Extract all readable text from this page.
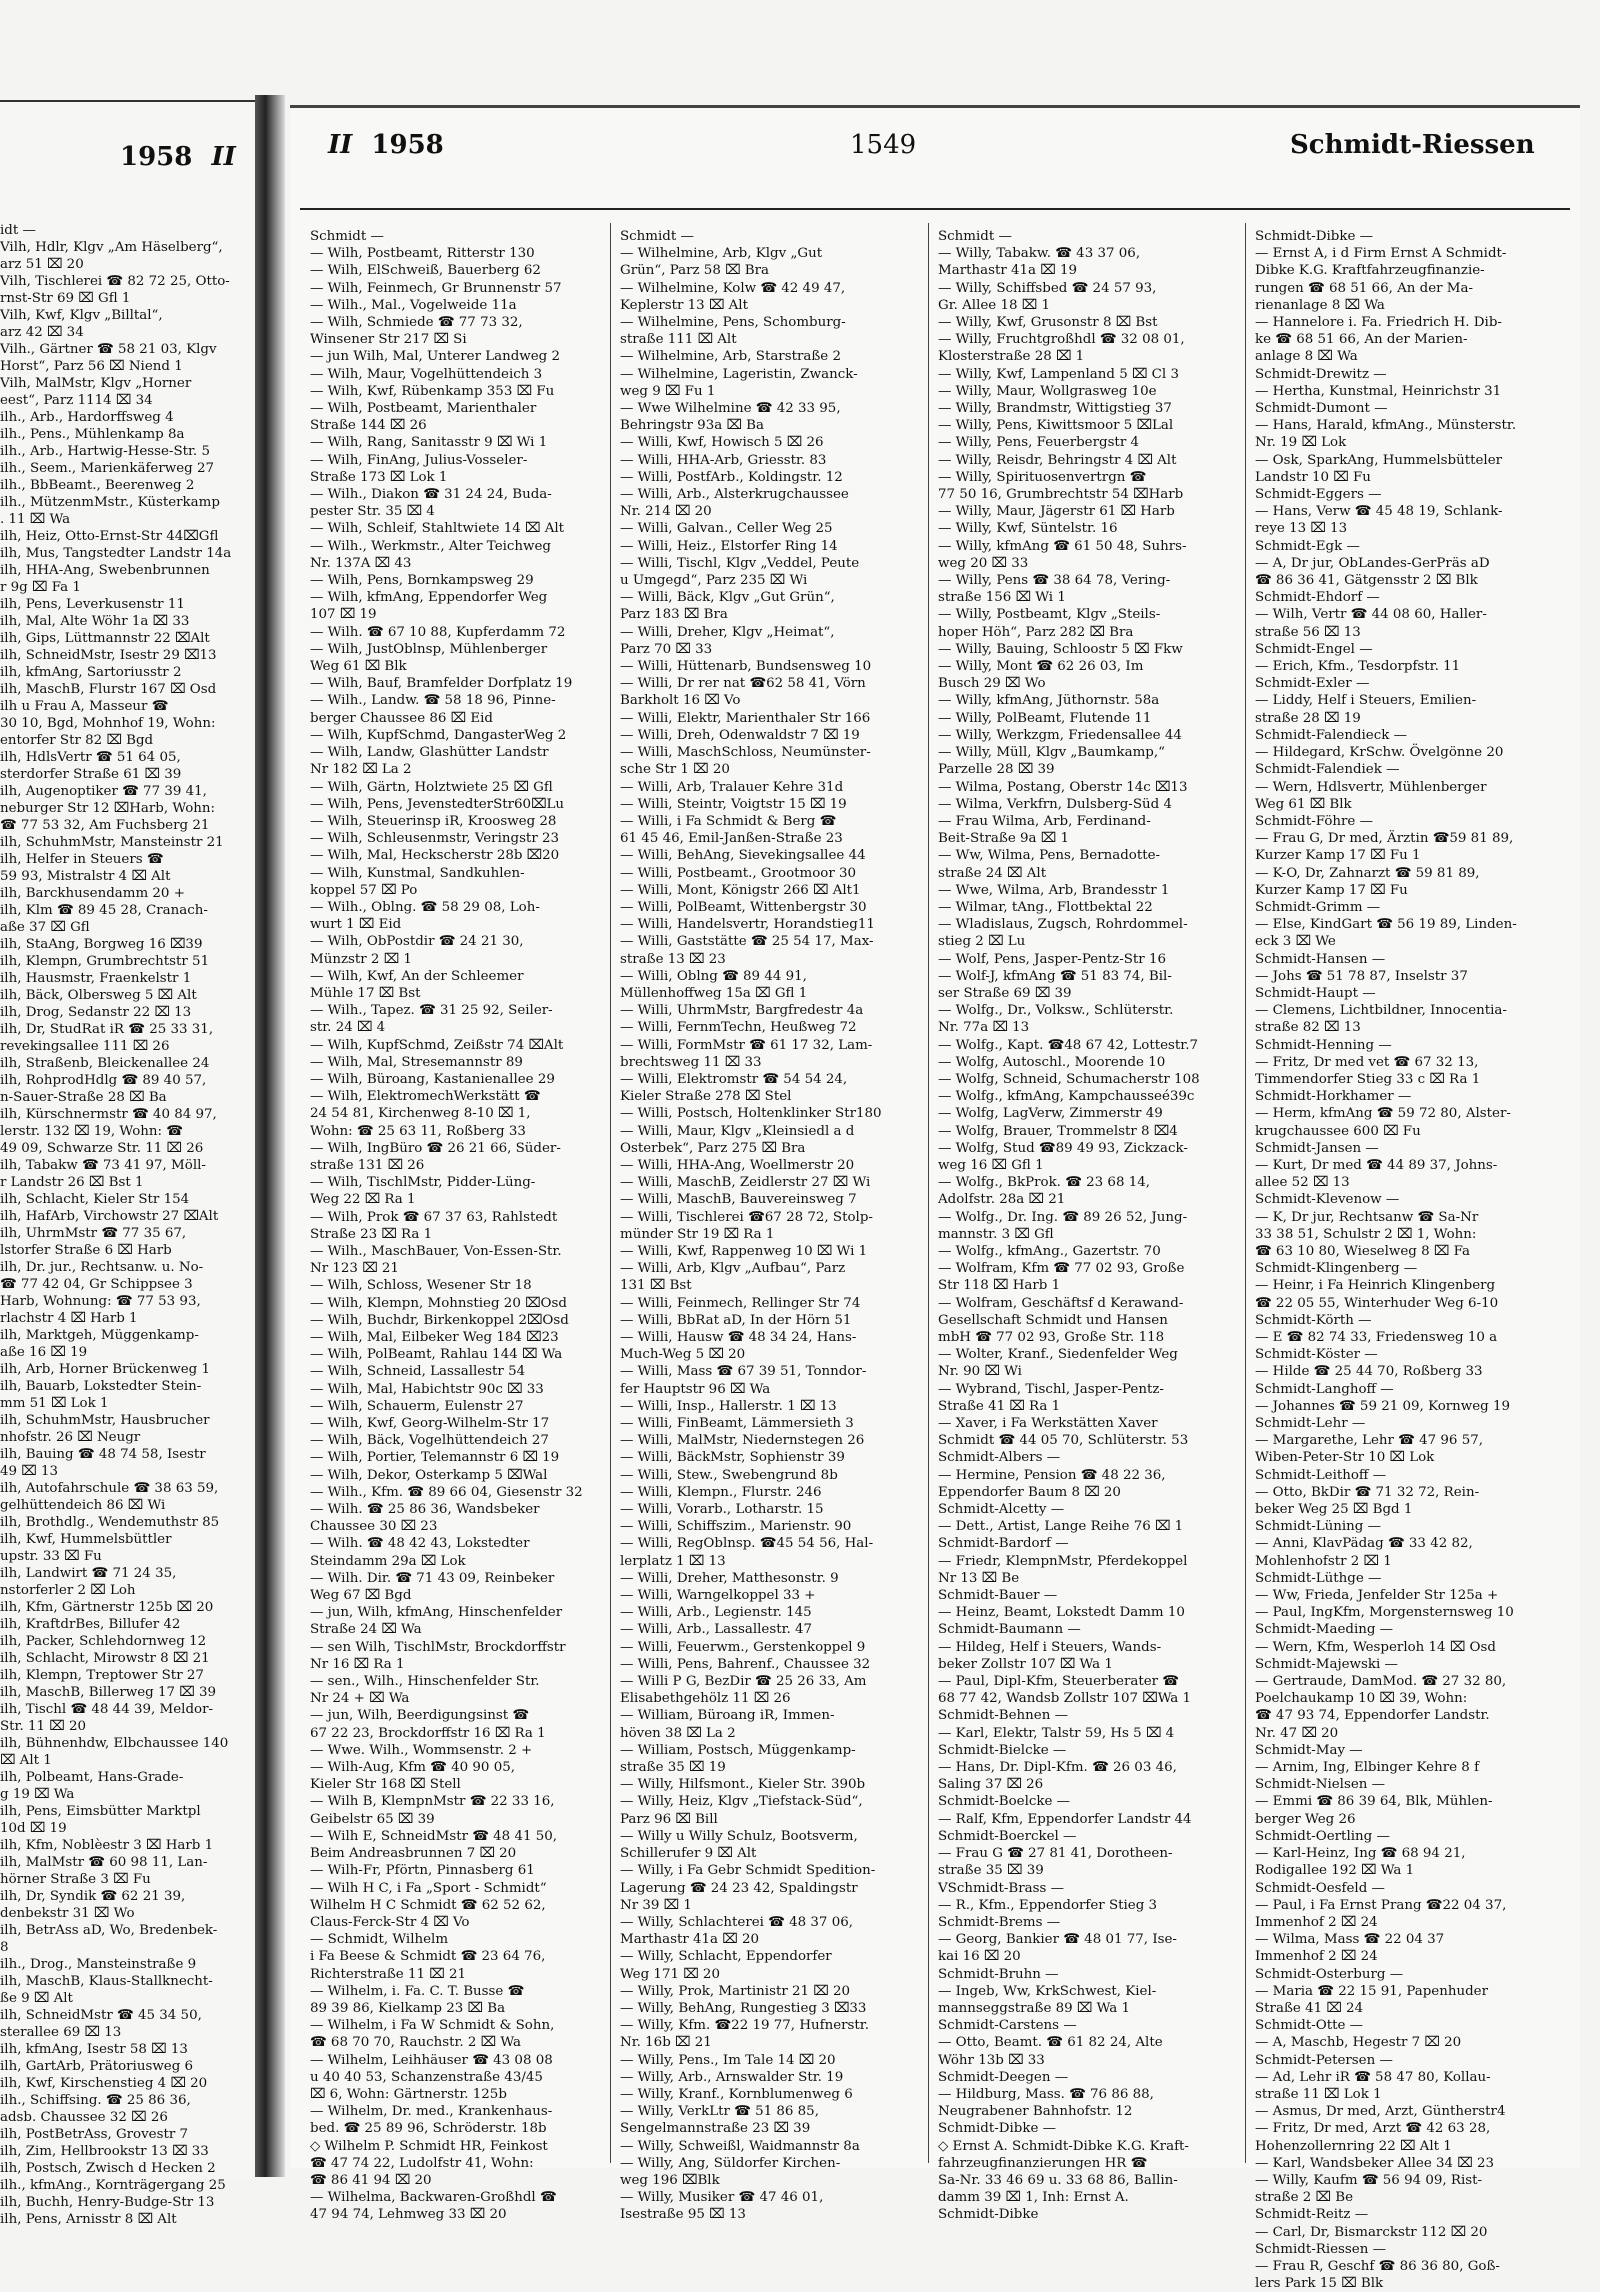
1958 II
idt —
Vilh, Hdlr, Klgv „Am Häselberg“,
arz 51 ⌧ 20
Vilh, Tischlerei ☎ 82 72 25, Otto-
rnst-Str 69 ⌧ Gfl 1
Vilh, Kwf, Klgv „Billtal“,
arz 42 ⌧ 34
Vilh., Gärtner ☎ 58 21 03, Klgv
Horst“, Parz 56 ⌧ Niend 1
Vilh, MalMstr, Klgv „Horner
eest“, Parz 1114 ⌧ 34
ilh., Arb., Hardorffsweg 4
ilh., Pens., Mühlenkamp 8a
ilh., Arb., Hartwig-Hesse-Str. 5
ilh., Seem., Marienkäferweg 27
ilh., BbBeamt., Beerenweg 2
ilh., MützenmMstr., Küsterkamp
. 11 ⌧ Wa
ilh, Heiz, Otto-Ernst-Str 44⌧Gfl
ilh, Mus, Tangstedter Landstr 14a
ilh, HHA-Ang, Swebenbrunnen
r 9g ⌧ Fa 1
ilh, Pens, Leverkusenstr 11
ilh, Mal, Alte Wöhr 1a ⌧ 33
ilh, Gips, Lüttmannstr 22 ⌧Alt
ilh, SchneidMstr, Isestr 29 ⌧13
ilh, kfmAng, Sartoriusstr 2
ilh, MaschB, Flurstr 167 ⌧ Osd
ilh u Frau A, Masseur ☎
30 10, Bgd, Mohnhof 19, Wohn:
entorfer Str 82 ⌧ Bgd
ilh, HdlsVertr ☎ 51 64 05,
sterdorfer Straße 61 ⌧ 39
ilh, Augenoptiker ☎ 77 39 41,
neburger Str 12 ⌧Harb, Wohn:
☎ 77 53 32, Am Fuchsberg 21
ilh, SchuhmMstr, Mansteinstr 21
ilh, Helfer in Steuers ☎
59 93, Mistralstr 4 ⌧ Alt
ilh, Barckhusendamm 20 +
ilh, Klm ☎ 89 45 28, Cranach-
aße 37 ⌧ Gfl
ilh, StaAng, Borgweg 16 ⌧39
ilh, Klempn, Grumbrechtstr 51
ilh, Hausmstr, Fraenkelstr 1
ilh, Bäck, Olbersweg 5 ⌧ Alt
ilh, Drog, Sedanstr 22 ⌧ 13
ilh, Dr, StudRat iR ☎ 25 33 31,
revekingsallee 111 ⌧ 26
ilh, Straßenb, Bleickenallee 24
ilh, RohprodHdlg ☎ 89 40 57,
n-Sauer-Straße 28 ⌧ Ba
ilh, Kürschnermstr ☎ 40 84 97,
lerstr. 132 ⌧ 19, Wohn: ☎
49 09, Schwarze Str. 11 ⌧ 26
ilh, Tabakw ☎ 73 41 97, Möll-
r Landstr 26 ⌧ Bst 1
ilh, Schlacht, Kieler Str 154
ilh, HafArb, Virchowstr 27 ⌧Alt
ilh, UhrmMstr ☎ 77 35 67,
lstorfer Straße 6 ⌧ Harb
ilh, Dr. jur., Rechtsanw. u. No-
☎ 77 42 04, Gr Schippsee 3
Harb, Wohnung: ☎ 77 53 93,
rlachstr 4 ⌧ Harb 1
ilh, Marktgeh, Müggenkamp-
aße 16 ⌧ 19
ilh, Arb, Horner Brückenweg 1
ilh, Bauarb, Lokstedter Stein-
mm 51 ⌧ Lok 1
ilh, SchuhmMstr, Hausbrucher
nhofstr. 26 ⌧ Neugr
ilh, Bauing ☎ 48 74 58, Isestr
49 ⌧ 13
ilh, Autofahrschule ☎ 38 63 59,
gelhüttendeich 86 ⌧ Wi
ilh, Brothdlg., Wendemuthstr 85
ilh, Kwf, Hummelsbüttler
upstr. 33 ⌧ Fu
ilh, Landwirt ☎ 71 24 35,
nstorferler 2 ⌧ Loh
ilh, Kfm, Gärtnerstr 125b ⌧ 20
ilh, KraftdrBes, Billufer 42
ilh, Packer, Schlehdornweg 12
ilh, Schlacht, Mirowstr 8 ⌧ 21
ilh, Klempn, Treptower Str 27
ilh, MaschB, Billerweg 17 ⌧ 39
ilh, Tischl ☎ 48 44 39, Meldor-
Str. 11 ⌧ 20
ilh, Bühnenhdw, Elbchaussee 140
⌧ Alt 1
ilh, Polbeamt, Hans-Grade-
g 19 ⌧ Wa
ilh, Pens, Eimsbütter Marktpl
10d ⌧ 19
ilh, Kfm, Noblèestr 3 ⌧ Harb 1
ilh, MalMstr ☎ 60 98 11, Lan-
hörner Straße 3 ⌧ Fu
ilh, Dr, Syndik ☎ 62 21 39,
denbekstr 31 ⌧ Wo
ilh, BetrAss aD, Wo, Bredenbek-
8
ilh., Drog., Mansteinstraße 9
ilh, MaschB, Klaus-Stallknecht-
ße 9 ⌧ Alt
ilh, SchneidMstr ☎ 45 34 50,
sterallee 69 ⌧ 13
ilh, kfmAng, Isestr 58 ⌧ 13
ilh, GartArb, Prätoriusweg 6
ilh, Kwf, Kirschenstieg 4 ⌧ 20
ilh., Schiffsing. ☎ 25 86 36,
adsb. Chaussee 32 ⌧ 26
ilh, PostBetrAss, Grovestr 7
ilh, Zim, Hellbrookstr 13 ⌧ 33
ilh, Postsch, Zwisch d Hecken 2
ilh., kfmAng., Kornträgergang 25
ilh, Buchh, Henry-Budge-Str 13
ilh, Pens, Arnisstr 8 ⌧ Alt
II 1958	1549	Schmidt-Riessen
Schmidt —
— Wilh, Postbeamt, Ritterstr 130
— Wilh, ElSchweiß, Bauerberg 62
— Wilh, Feinmech, Gr Brunnenstr 57
— Wilh., Mal., Vogelweide 11a
— Wilh, Schmiede ☎ 77 73 32,
Winsener Str 217 ⌧ Si
— jun Wilh, Mal, Unterer Landweg 2
— Wilh, Maur, Vogelhüttendeich 3
— Wilh, Kwf, Rübenkamp 353 ⌧ Fu
— Wilh, Postbeamt, Marienthaler
Straße 144 ⌧ 26
— Wilh, Rang, Sanitasstr 9 ⌧ Wi 1
— Wilh, FinAng, Julius-Vosseler-
Straße 173 ⌧ Lok 1
— Wilh., Diakon ☎ 31 24 24, Buda-
pester Str. 35 ⌧ 4
— Wilh, Schleif, Stahltwiete 14 ⌧ Alt
— Wilh., Werkmstr., Alter Teichweg
Nr. 137A ⌧ 43
— Wilh, Pens, Bornkampsweg 29
— Wilh, kfmAng, Eppendorfer Weg
107 ⌧ 19
— Wilh. ☎ 67 10 88, Kupferdamm 72
— Wilh, JustOblnsp, Mühlenberger
Weg 61 ⌧ Blk
— Wilh, Bauf, Bramfelder Dorfplatz 19
— Wilh., Landw. ☎ 58 18 96, Pinne-
berger Chaussee 86 ⌧ Eid
— Wilh, KupfSchmd, DangasterWeg 2
— Wilh, Landw, Glashütter Landstr
Nr 182 ⌧ La 2
— Wilh, Gärtn, Holztwiete 25 ⌧ Gfl
— Wilh, Pens, JevenstedterStr60⌧Lu
— Wilh, Steuerinsp iR, Kroosweg 28
— Wilh, Schleusenmstr, Veringstr 23
— Wilh, Mal, Heckscherstr 28b ⌧20
— Wilh, Kunstmal, Sandkuhlen-
koppel 57 ⌧ Po
— Wilh., Oblng. ☎ 58 29 08, Loh-
wurt 1 ⌧ Eid
— Wilh, ObPostdir ☎ 24 21 30,
Münzstr 2 ⌧ 1
— Wilh, Kwf, An der Schleemer
Mühle 17 ⌧ Bst
— Wilh., Tapez. ☎ 31 25 92, Seiler-
str. 24 ⌧ 4
— Wilh, KupfSchmd, Zeißstr 74 ⌧Alt
— Wilh, Mal, Stresemannstr 89
— Wilh, Büroang, Kastanienallee 29
— Wilh, ElektromechWerkstätt ☎
24 54 81, Kirchenweg 8-10 ⌧ 1,
Wohn: ☎ 25 63 11, Roßberg 33
— Wilh, IngBüro ☎ 26 21 66, Süder-
straße 131 ⌧ 26
— Wilh, TischlMstr, Pidder-Lüng-
Weg 22 ⌧ Ra 1
— Wilh, Prok ☎ 67 37 63, Rahlstedt
Straße 23 ⌧ Ra 1
— Wilh., MaschBauer, Von-Essen-Str.
Nr 123 ⌧ 21
— Wilh, Schloss, Wesener Str 18
— Wilh, Klempn, Mohnstieg 20 ⌧Osd
— Wilh, Buchdr, Birkenkoppel 2⌧Osd
— Wilh, Mal, Eilbeker Weg 184 ⌧23
— Wilh, PolBeamt, Rahlau 144 ⌧ Wa
— Wilh, Schneid, Lassallestr 54
— Wilh, Mal, Habichtstr 90c ⌧ 33
— Wilh, Schauerm, Eulenstr 27
— Wilh, Kwf, Georg-Wilhelm-Str 17
— Wilh, Bäck, Vogelhüttendeich 27
— Wilh, Portier, Telemannstr 6 ⌧ 19
— Wilh, Dekor, Osterkamp 5 ⌧Wal
— Wilh., Kfm. ☎ 89 66 04, Giesenstr 32
— Wilh. ☎ 25 86 36, Wandsbeker
Chaussee 30 ⌧ 23
— Wilh. ☎ 48 42 43, Lokstedter
Steindamm 29a ⌧ Lok
— Wilh. Dir. ☎ 71 43 09, Reinbeker
Weg 67 ⌧ Bgd
— jun, Wilh, kfmAng, Hinschenfelder
Straße 24 ⌧ Wa
— sen Wilh, TischlMstr, Brockdorffstr
Nr 16 ⌧ Ra 1
— sen., Wilh., Hinschenfelder Str.
Nr 24 + ⌧ Wa
— jun, Wilh, Beerdigungsinst ☎
67 22 23, Brockdorffstr 16 ⌧ Ra 1
— Wwe. Wilh., Wommsenstr. 2 +
— Wilh-Aug, Kfm ☎ 40 90 05,
Kieler Str 168 ⌧ Stell
— Wilh B, KlempnMstr ☎ 22 33 16,
Geibelstr 65 ⌧ 39
— Wilh E, SchneidMstr ☎ 48 41 50,
Beim Andreasbrunnen 7 ⌧ 20
— Wilh-Fr, Pförtn, Pinnasberg 61
— Wilh H C, i Fa „Sport - Schmidt“
Wilhelm H C Schmidt ☎ 62 52 62,
Claus-Ferck-Str 4 ⌧ Vo
— Schmidt, Wilhelm
i Fa Beese & Schmidt ☎ 23 64 76,
Richterstraße 11 ⌧ 21
— Wilhelm, i. Fa. C. T. Busse ☎
89 39 86, Kielkamp 23 ⌧ Ba
— Wilhelm, i Fa W Schmidt & Sohn,
☎ 68 70 70, Rauchstr. 2 ⌧ Wa
— Wilhelm, Leihhäuser ☎ 43 08 08
u 40 40 53, Schanzenstraße 43/45
⌧ 6, Wohn: Gärtnerstr. 125b
— Wilhelm, Dr. med., Krankenhaus-
bed. ☎ 25 89 96, Schröderstr. 18b
◇ Wilhelm P. Schmidt HR, Feinkost
☎ 47 74 22, Ludolfstr 41, Wohn:
☎ 86 41 94 ⌧ 20
— Wilhelma, Backwaren-Großhdl ☎
47 94 74, Lehmweg 33 ⌧ 20
Schmidt —
— Wilhelmine, Arb, Klgv „Gut
Grün“, Parz 58 ⌧ Bra
— Wilhelmine, Kolw ☎ 42 49 47,
Keplerstr 13 ⌧ Alt
— Wilhelmine, Pens, Schomburg-
straße 111 ⌧ Alt
— Wilhelmine, Arb, Starstraße 2
— Wilhelmine, Lageristin, Zwanck-
weg 9 ⌧ Fu 1
— Wwe Wilhelmine ☎ 42 33 95,
Behringstr 93a ⌧ Ba
— Willi, Kwf, Howisch 5 ⌧ 26
— Willi, HHA-Arb, Griesstr. 83
— Willi, PostfArb., Koldingstr. 12
— Willi, Arb., Alsterkrugchaussee
Nr. 214 ⌧ 20
— Willi, Galvan., Celler Weg 25
— Willi, Heiz., Elstorfer Ring 14
— Willi, Tischl, Klgv „Veddel, Peute
u Umgegd“, Parz 235 ⌧ Wi
— Willi, Bäck, Klgv „Gut Grün“,
Parz 183 ⌧ Bra
— Willi, Dreher, Klgv „Heimat“,
Parz 70 ⌧ 33
— Willi, Hüttenarb, Bundsensweg 10
— Willi, Dr rer nat ☎62 58 41, Vörn
Barkholt 16 ⌧ Vo
— Willi, Elektr, Marienthaler Str 166
— Willi, Dreh, Odenwaldstr 7 ⌧ 19
— Willi, MaschSchloss, Neumünster-
sche Str 1 ⌧ 20
— Willi, Arb, Tralauer Kehre 31d
— Willi, Steintr, Voigtstr 15 ⌧ 19
— Willi, i Fa Schmidt & Berg ☎
61 45 46, Emil-Janßen-Straße 23
— Willi, BehAng, Sievekingsallee 44
— Willi, Postbeamt., Grootmoor 30
— Willi, Mont, Königstr 266 ⌧ Alt1
— Willi, PolBeamt, Wittenbergstr 30
— Willi, Handelsvertr, Horandstieg11
— Willi, Gaststätte ☎ 25 54 17, Max-
straße 13 ⌧ 23
— Willi, Oblng ☎ 89 44 91,
Müllenhoffweg 15a ⌧ Gfl 1
— Willi, UhrmMstr, Bargfredestr 4a
— Willi, FernmTechn, Heußweg 72
— Willi, FormMstr ☎ 61 17 32, Lam-
brechtsweg 11 ⌧ 33
— Willi, Elektromstr ☎ 54 54 24,
Kieler Straße 278 ⌧ Stel
— Willi, Postsch, Holtenklinker Str180
— Willi, Maur, Klgv „Kleinsiedl a d
Osterbek“, Parz 275 ⌧ Bra
— Willi, HHA-Ang, Woellmerstr 20
— Willi, MaschB, Zeidlerstr 27 ⌧ Wi
— Willi, MaschB, Bauvereinsweg 7
— Willi, Tischlerei ☎67 28 72, Stolp-
münder Str 19 ⌧ Ra 1
— Willi, Kwf, Rappenweg 10 ⌧ Wi 1
— Willi, Arb, Klgv „Aufbau“, Parz
131 ⌧ Bst
— Willi, Feinmech, Rellinger Str 74
— Willi, BbRat aD, In der Hörn 51
— Willi, Hausw ☎ 48 34 24, Hans-
Much-Weg 5 ⌧ 20
— Willi, Mass ☎ 67 39 51, Tonndor-
fer Hauptstr 96 ⌧ Wa
— Willi, Insp., Hallerstr. 1 ⌧ 13
— Willi, FinBeamt, Lämmersieth 3
— Willi, MalMstr, Niedernstegen 26
— Willi, BäckMstr, Sophienstr 39
— Willi, Stew., Swebengrund 8b
— Willi, Klempn., Flurstr. 246
— Willi, Vorarb., Lotharstr. 15
— Willi, Schiffszim., Marienstr. 90
— Willi, RegOblnsp. ☎45 54 56, Hal-
lerplatz 1 ⌧ 13
— Willi, Dreher, Matthesonstr. 9
— Willi, Warngelkoppel 33 +
— Willi, Arb., Legienstr. 145
— Willi, Arb., Lassallestr. 47
— Willi, Feuerwm., Gerstenkoppel 9
— Willi, Pens, Bahrenf., Chaussee 32
— Willi P G, BezDir ☎ 25 26 33, Am
Elisabethgehölz 11 ⌧ 26
— William, Büroang iR, Immen-
höven 38 ⌧ La 2
— William, Postsch, Müggenkamp-
straße 35 ⌧ 19
— Willy, Hilfsmont., Kieler Str. 390b
— Willy, Heiz, Klgv „Tiefstack-Süd“,
Parz 96 ⌧ Bill
— Willy u Willy Schulz, Bootsverm,
Schillerufer 9 ⌧ Alt
— Willy, i Fa Gebr Schmidt Spedition-
Lagerung ☎ 24 23 42, Spaldingstr
Nr 39 ⌧ 1
— Willy, Schlachterei ☎ 48 37 06,
Marthastr 41a ⌧ 20
— Willy, Schlacht, Eppendorfer
Weg 171 ⌧ 20
— Willy, Prok, Martinistr 21 ⌧ 20
— Willy, BehAng, Rungestieg 3 ⌧33
— Willy, Kfm. ☎22 19 77, Hufnerstr.
Nr. 16b ⌧ 21
— Willy, Pens., Im Tale 14 ⌧ 20
— Willy, Arb., Arnswalder Str. 19
— Willy, Kranf., Kornblumenweg 6
— Willy, VerkLtr ☎ 51 86 85,
Sengelmannstraße 23 ⌧ 39
— Willy, Schweißl, Waidmannstr 8a
— Willy, Ang, Süldorfer Kirchen-
weg 196 ⌧Blk
— Willy, Musiker ☎ 47 46 01,
Isestraße 95 ⌧ 13
Schmidt —
— Willy, Tabakw. ☎ 43 37 06,
Marthastr 41a ⌧ 19
— Willy, Schiffsbed ☎ 24 57 93,
Gr. Allee 18 ⌧ 1
— Willy, Kwf, Grusonstr 8 ⌧ Bst
— Willy, Fruchtgroßhdl ☎ 32 08 01,
Klosterstraße 28 ⌧ 1
— Willy, Kwf, Lampenland 5 ⌧ Cl 3
— Willy, Maur, Wollgrasweg 10e
— Willy, Brandmstr, Wittigstieg 37
— Willy, Pens, Kiwittsmoor 5 ⌧Lal
— Willy, Pens, Feuerbergstr 4
— Willy, Reisdr, Behringstr 4 ⌧ Alt
— Willy, Spirituosenvertrgn ☎
77 50 16, Grumbrechtstr 54 ⌧Harb
— Willy, Maur, Jägerstr 61 ⌧ Harb
— Willy, Kwf, Süntelstr. 16
— Willy, kfmAng ☎ 61 50 48, Suhrs-
weg 20 ⌧ 33
— Willy, Pens ☎ 38 64 78, Vering-
straße 156 ⌧ Wi 1
— Willy, Postbeamt, Klgv „Steils-
hoper Höh“, Parz 282 ⌧ Bra
— Willy, Bauing, Schloostr 5 ⌧ Fkw
— Willy, Mont ☎ 62 26 03, Im
Busch 29 ⌧ Wo
— Willy, kfmAng, Jüthornstr. 58a
— Willy, PolBeamt, Flutende 11
— Willy, Werkzgm, Friedensallee 44
— Willy, Müll, Klgv „Baumkamp,“
Parzelle 28 ⌧ 39
— Wilma, Postang, Oberstr 14c ⌧13
— Wilma, Verkfrn, Dulsberg-Süd 4
— Frau Wilma, Arb, Ferdinand-
Beit-Straße 9a ⌧ 1
— Ww, Wilma, Pens, Bernadotte-
straße 24 ⌧ Alt
— Wwe, Wilma, Arb, Brandesstr 1
— Wilmar, tAng., Flottbektal 22
— Wladislaus, Zugsch, Rohrdommel-
stieg 2 ⌧ Lu
— Wolf, Pens, Jasper-Pentz-Str 16
— Wolf-J, kfmAng ☎ 51 83 74, Bil-
ser Straße 69 ⌧ 39
— Wolfg., Dr., Volksw., Schlüterstr.
Nr. 77a ⌧ 13
— Wolfg., Kapt. ☎48 67 42, Lottestr.7
— Wolfg, Autoschl., Moorende 10
— Wolfg, Schneid, Schumacherstr 108
— Wolfg., kfmAng, Kampchausseé39c
— Wolfg, LagVerw, Zimmerstr 49
— Wolfg, Brauer, Trommelstr 8 ⌧4
— Wolfg, Stud ☎89 49 93, Zickzack-
weg 16 ⌧ Gfl 1
— Wolfg., BkProk. ☎ 23 68 14,
Adolfstr. 28a ⌧ 21
— Wolfg., Dr. Ing. ☎ 89 26 52, Jung-
mannstr. 3 ⌧ Gfl
— Wolfg., kfmAng., Gazertstr. 70
— Wolfram, Kfm ☎ 77 02 93, Große
Str 118 ⌧ Harb 1
— Wolfram, Geschäftsf d Kerawand-
Gesellschaft Schmidt und Hansen
mbH ☎ 77 02 93, Große Str. 118
— Wolter, Kranf., Siedenfelder Weg
Nr. 90 ⌧ Wi
— Wybrand, Tischl, Jasper-Pentz-
Straße 41 ⌧ Ra 1
— Xaver, i Fa Werkstätten Xaver
Schmidt ☎ 44 05 70, Schlüterstr. 53
Schmidt-Albers —
— Hermine, Pension ☎ 48 22 36,
Eppendorfer Baum 8 ⌧ 20
Schmidt-Alcetty —
— Dett., Artist, Lange Reihe 76 ⌧ 1
Schmidt-Bardorf —
— Friedr, KlempnMstr, Pferdekoppel
Nr 13 ⌧ Be
Schmidt-Bauer —
— Heinz, Beamt, Lokstedt Damm 10
Schmidt-Baumann —
— Hildeg, Helf i Steuers, Wands-
beker Zollstr 107 ⌧ Wa 1
— Paul, Dipl-Kfm, Steuerberater ☎
68 77 42, Wandsb Zollstr 107 ⌧Wa 1
Schmidt-Behnen —
— Karl, Elektr, Talstr 59, Hs 5 ⌧ 4
Schmidt-Bielcke —
— Hans, Dr. Dipl-Kfm. ☎ 26 03 46,
Saling 37 ⌧ 26
Schmidt-Boelcke —
— Ralf, Kfm, Eppendorfer Landstr 44
Schmidt-Boerckel —
— Frau G ☎ 27 81 41, Dorotheen-
straße 35 ⌧ 39
VSchmidt-Brass —
— R., Kfm., Eppendorfer Stieg 3
Schmidt-Brems —
— Georg, Bankier ☎ 48 01 77, Ise-
kai 16 ⌧ 20
Schmidt-Bruhn —
— Ingeb, Ww, KrkSchwest, Kiel-
mannseggstraße 89 ⌧ Wa 1
Schmidt-Carstens —
— Otto, Beamt. ☎ 61 82 24, Alte
Wöhr 13b ⌧ 33
Schmidt-Deegen —
— Hildburg, Mass. ☎ 76 86 88,
Neugrabener Bahnhofstr. 12
Schmidt-Dibke —
◇ Ernst A. Schmidt-Dibke K.G. Kraft-
fahrzeugfinanzierungen HR ☎
Sa-Nr. 33 46 69 u. 33 68 86, Ballin-
damm 39 ⌧ 1, Inh: Ernst A.
Schmidt-Dibke
Schmidt-Dibke —
— Ernst A, i d Firm Ernst A Schmidt-
Dibke K.G. Kraftfahrzeugfinanzie-
rungen ☎ 68 51 66, An der Ma-
rienanlage 8 ⌧ Wa
— Hannelore i. Fa. Friedrich H. Dib-
ke ☎ 68 51 66, An der Marien-
anlage 8 ⌧ Wa
Schmidt-Drewitz —
— Hertha, Kunstmal, Heinrichstr 31
Schmidt-Dumont —
— Hans, Harald, kfmAng., Münsterstr.
Nr. 19 ⌧ Lok
— Osk, SparkAng, Hummelsbütteler
Landstr 10 ⌧ Fu
Schmidt-Eggers —
— Hans, Verw ☎ 45 48 19, Schlank-
reye 13 ⌧ 13
Schmidt-Egk —
— A, Dr jur, ObLandes-GerPräs aD
☎ 86 36 41, Gätgensstr 2 ⌧ Blk
Schmidt-Ehdorf —
— Wilh, Vertr ☎ 44 08 60, Haller-
straße 56 ⌧ 13
Schmidt-Engel —
— Erich, Kfm., Tesdorpfstr. 11
Schmidt-Exler —
— Liddy, Helf i Steuers, Emilien-
straße 28 ⌧ 19
Schmidt-Falendieck —
— Hildegard, KrSchw. Övelgönne 20
Schmidt-Falendiek —
— Wern, Hdlsvertr, Mühlenberger
Weg 61 ⌧ Blk
Schmidt-Föhre —
— Frau G, Dr med, Ärztin ☎59 81 89,
Kurzer Kamp 17 ⌧ Fu 1
— K-O, Dr, Zahnarzt ☎ 59 81 89,
Kurzer Kamp 17 ⌧ Fu
Schmidt-Grimm —
— Else, KindGart ☎ 56 19 89, Linden-
eck 3 ⌧ We
Schmidt-Hansen —
— Johs ☎ 51 78 87, Inselstr 37
Schmidt-Haupt —
— Clemens, Lichtbildner, Innocentia-
straße 82 ⌧ 13
Schmidt-Henning —
— Fritz, Dr med vet ☎ 67 32 13,
Timmendorfer Stieg 33 c ⌧ Ra 1
Schmidt-Horkhamer —
— Herm, kfmAng ☎ 59 72 80, Alster-
krugchaussee 600 ⌧ Fu
Schmidt-Jansen —
— Kurt, Dr med ☎ 44 89 37, Johns-
allee 52 ⌧ 13
Schmidt-Klevenow —
— K, Dr jur, Rechtsanw ☎ Sa-Nr
33 38 51, Schulstr 2 ⌧ 1, Wohn:
☎ 63 10 80, Wieselweg 8 ⌧ Fa
Schmidt-Klingenberg —
— Heinr, i Fa Heinrich Klingenberg
☎ 22 05 55, Winterhuder Weg 6-10
Schmidt-Körth —
— E ☎ 82 74 33, Friedensweg 10 a
Schmidt-Köster —
— Hilde ☎ 25 44 70, Roßberg 33
Schmidt-Langhoff —
— Johannes ☎ 59 21 09, Kornweg 19
Schmidt-Lehr —
— Margarethe, Lehr ☎ 47 96 57,
Wiben-Peter-Str 10 ⌧ Lok
Schmidt-Leithoff —
— Otto, BkDir ☎ 71 32 72, Rein-
beker Weg 25 ⌧ Bgd 1
Schmidt-Lüning —
— Anni, KlavPädag ☎ 33 42 82,
Mohlenhofstr 2 ⌧ 1
Schmidt-Lüthge —
— Ww, Frieda, Jenfelder Str 125a +
— Paul, IngKfm, Morgensternsweg 10
Schmidt-Maeding —
— Wern, Kfm, Wesperloh 14 ⌧ Osd
Schmidt-Majewski —
— Gertraude, DamMod. ☎ 27 32 80,
Poelchaukamp 10 ⌧ 39, Wohn:
☎ 47 93 74, Eppendorfer Landstr.
Nr. 47 ⌧ 20
Schmidt-May —
— Arnim, Ing, Elbinger Kehre 8 f
Schmidt-Nielsen —
— Emmi ☎ 86 39 64, Blk, Mühlen-
berger Weg 26
Schmidt-Oertling —
— Karl-Heinz, Ing ☎ 68 94 21,
Rodigallee 192 ⌧ Wa 1
Schmidt-Oesfeld —
— Paul, i Fa Ernst Prang ☎22 04 37,
Immenhof 2 ⌧ 24
— Wilma, Mass ☎ 22 04 37
Immenhof 2 ⌧ 24
Schmidt-Osterburg —
— Maria ☎ 22 15 91, Papenhuder
Straße 41 ⌧ 24
Schmidt-Otte —
— A, Maschb, Hegestr 7 ⌧ 20
Schmidt-Petersen —
— Ad, Lehr iR ☎ 58 47 80, Kollau-
straße 11 ⌧ Lok 1
— Asmus, Dr med, Arzt, Güntherstr4
— Fritz, Dr med, Arzt ☎ 42 63 28,
Hohenzollernring 22 ⌧ Alt 1
— Karl, Wandsbeker Allee 34 ⌧ 23
— Willy, Kaufm ☎ 56 94 09, Rist-
straße 2 ⌧ Be
Schmidt-Reitz —
— Carl, Dr, Bismarckstr 112 ⌧ 20
Schmidt-Riessen —
— Frau R, Geschf ☎ 86 36 80, Goß-
lers Park 15 ⌧ Blk
